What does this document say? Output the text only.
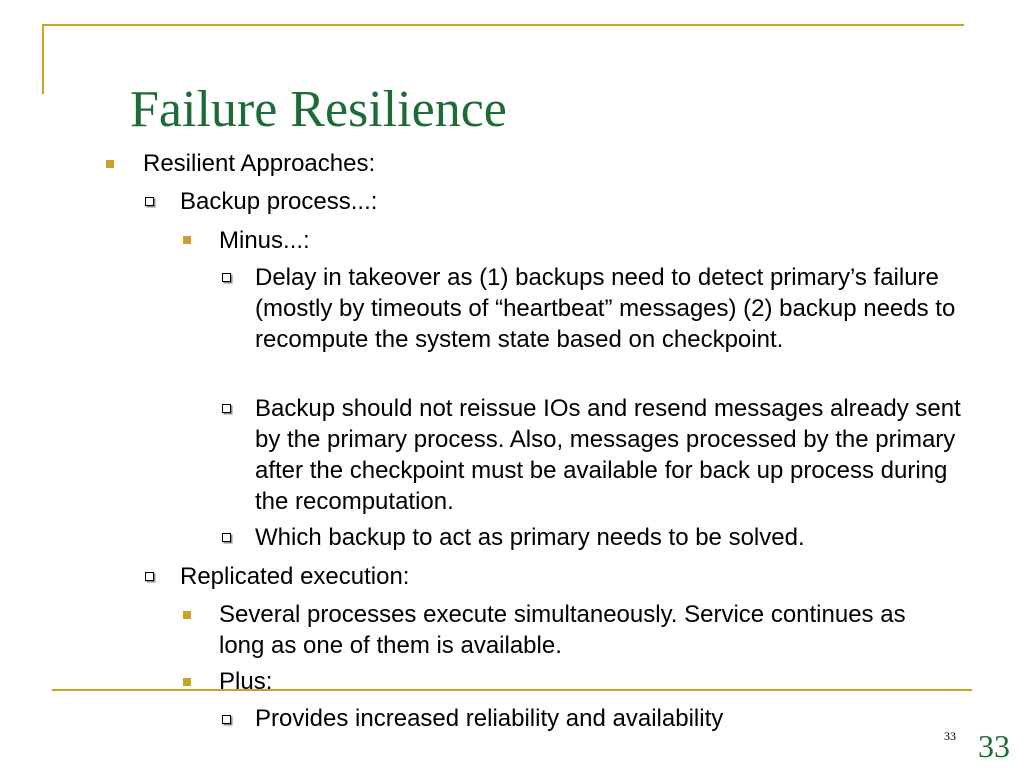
Failure Resilience
Resilient Approaches:
Backup process...:
Minus...:
Delay in takeover as (1) backups need to detect primary’s failure (mostly by timeouts of “heartbeat” messages) (2) backup needs to recompute the system state based on checkpoint.
Backup should not reissue IOs and resend messages already sent by the primary process. Also, messages processed by the primary after the checkpoint must be available for back up process during the recomputation.
Which backup to act as primary needs to be solved.
Replicated execution:
Several processes execute simultaneously. Service continues as long as one of them is available.
Plus:
Provides increased reliability and availability
33 33
